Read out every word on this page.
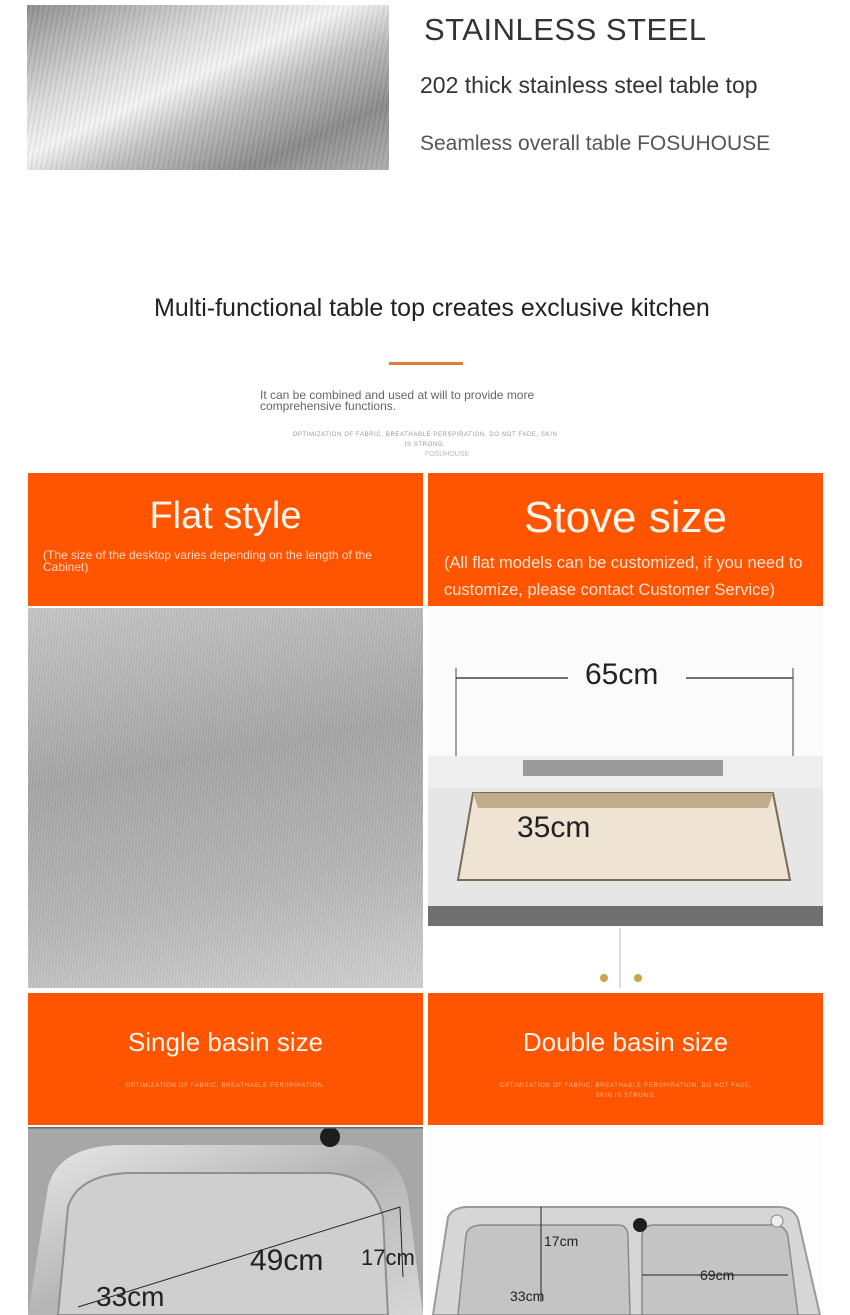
STAINLESS STEEL
202 thick stainless steel table top
Seamless overall table FOSUHOUSE
Multi-functional table top creates exclusive kitchen
It can be combined and used at will to provide more comprehensive functions.
OPTIMIZATION OF FABRIC, BREATHABLE PERSPIRATION, DO NOT FADE, SKIN IS STRONG.
FOSUHOUSE
Flat style
(The size of the desktop varies depending on the length of the Cabinet)
Stove size
(All flat models can be customized, if you need to customize, please contact Customer Service)
65cm
35cm
Single basin size
OPTIMIZATION OF FABRIC, BREATHABLE PERSPIRATION.
Double basin size
OPTIMIZATION OF FABRIC, BREATHABLE PERSPIRATION, DO NOT FADE, SKIN IS STRONG.
49cm 17cm
33cm
17cm
69cm
33cm
